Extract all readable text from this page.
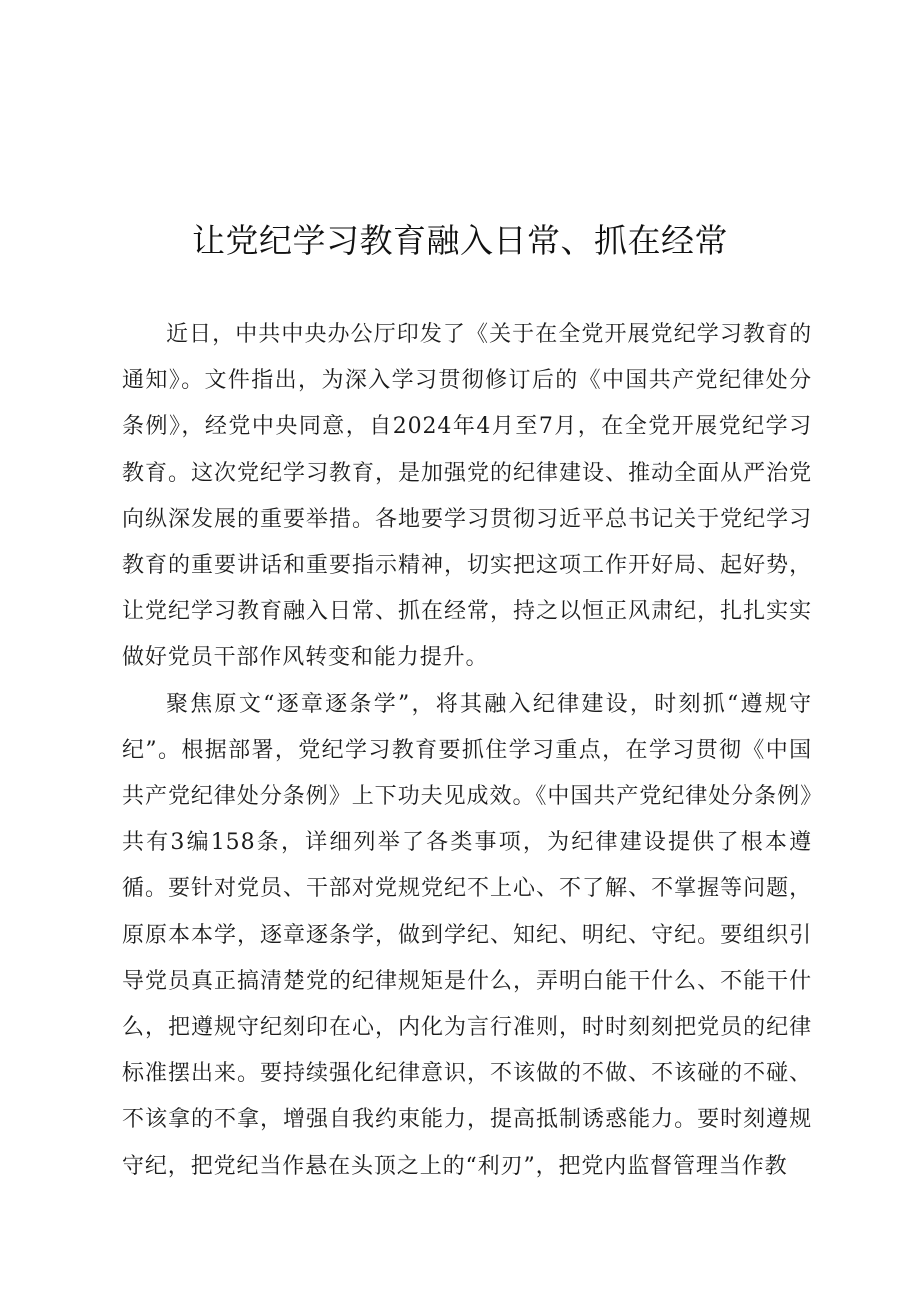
让党纪学习教育融入日常、抓在经常

近日，中共中央办公厅印发了《关于在全党开展党纪学习教育的通知》。文件指出，为深入学习贯彻修订后的《中国共产党纪律处分条例》，经党中央同意，自2024年4月至7月，在全党开展党纪学习教育。这次党纪学习教育，是加强党的纪律建设、推动全面从严治党向纵深发展的重要举措。各地要学习贯彻习近平总书记关于党纪学习教育的重要讲话和重要指示精神，切实把这项工作开好局、起好势，让党纪学习教育融入日常、抓在经常，持之以恒正风肃纪，扎扎实实做好党员干部作风转变和能力提升。

聚焦原文“逐章逐条学”，将其融入纪律建设，时刻抓“遵规守纪”。根据部署，党纪学习教育要抓住学习重点，在学习贯彻《中国共产党纪律处分条例》上下功夫见成效。《中国共产党纪律处分条例》共有3编158条，详细列举了各类事项，为纪律建设提供了根本遵循。要针对党员、干部对党规党纪不上心、不了解、不掌握等问题，原原本本学，逐章逐条学，做到学纪、知纪、明纪、守纪。要组织引导党员真正搞清楚党的纪律规矩是什么，弄明白能干什么、不能干什么，把遵规守纪刻印在心，内化为言行准则，时时刻刻把党员的纪律标准摆出来。要持续强化纪律意识，不该做的不做、不该碰的不碰、不该拿的不拿，增强自我约束能力，提高抵制诱惑能力。要时刻遵规守纪，把党纪当作悬在头顶之上的“利刃”，把党内监督管理当作教
